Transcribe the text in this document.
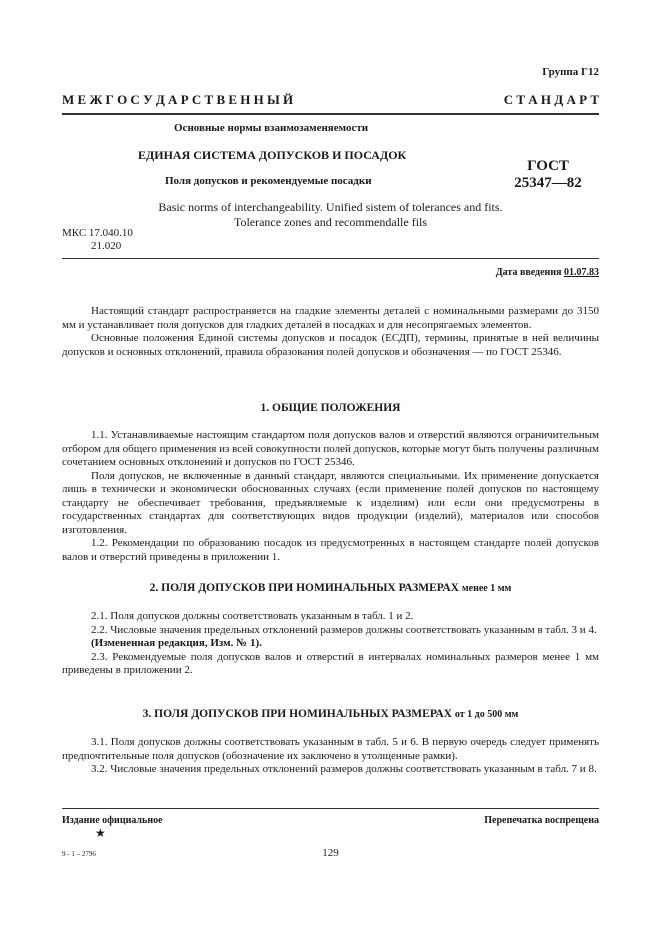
Группа Г12
М Е Ж Г О С У Д А Р С Т В Е Н Н Ы Й	С Т А Н Д А Р Т
Основные нормы взаимозаменяемости
ЕДИНАЯ СИСТЕМА ДОПУСКОВ И ПОСАДОК
Поля допусков и рекомендуемые посадки
ГОСТ
25347—82
Basic norms of interchangeability. Unified sistem of tolerances and fits.
Tolerance zones and recommendalle fils
МКС 17.040.10
21.020
Дата введения 01.07.83

Настоящий стандарт распространяется на гладкие элементы деталей с номинальными размерами до 3150 мм и устанавливает поля допусков для гладких деталей в посадках и для несопрягаемых элементов.

Основные положения Единой системы допусков и посадок (ЕСДП), термины, принятые в ней величины допусков и основных отклонений, правила образования полей допусков и обозначения — по ГОСТ 25346.

1. ОБЩИЕ ПОЛОЖЕНИЯ

1.1. Устанавливаемые настоящим стандартом поля допусков валов и отверстий являются ограничительным отбором для общего применения из всей совокупности полей допусков, которые могут быть получены различным сочетанием основных отклонений и допусков по ГОСТ 25346.

Поля допусков, не включенные в данный стандарт, являются специальными. Их применение допускается лишь в технически и экономически обоснованных случаях (если применение полей допусков по настоящему стандарту не обеспечивает требования, предъявляемые к изделиям) или если они предусмотрены в государственных стандартах для соответствующих видов продукции (изделий), материалов или способов изготовления.

1.2. Рекомендации по образованию посадок из предусмотренных в настоящем стандарте полей допусков валов и отверстий приведены в приложении 1.

2. ПОЛЯ ДОПУСКОВ ПРИ НОМИНАЛЬНЫХ РАЗМЕРАХ менее 1 мм

2.1. Поля допусков должны соответствовать указанным в табл. 1 и 2.

2.2. Числовые значения предельных отклонений размеров должны соответствовать указанным в табл. 3 и 4.

(Измененная редакция, Изм. № 1).

2.3. Рекомендуемые поля допусков валов и отверстий в интервалах номинальных размеров менее 1 мм приведены в приложении 2.

3. ПОЛЯ ДОПУСКОВ ПРИ НОМИНАЛЬНЫХ РАЗМЕРАХ от 1 до 500 мм

3.1. Поля допусков должны соответствовать указанным в табл. 5 и 6. В первую очередь следует применять предпочтительные поля допусков (обозначение их заключено в утолщенные рамки).

3.2. Числовые значения предельных отклонений размеров должны соответствовать указанным в табл. 7 и 8.

Издание официальное	Перепечатка воспрещена
★
9 - 1 – 2796	129
